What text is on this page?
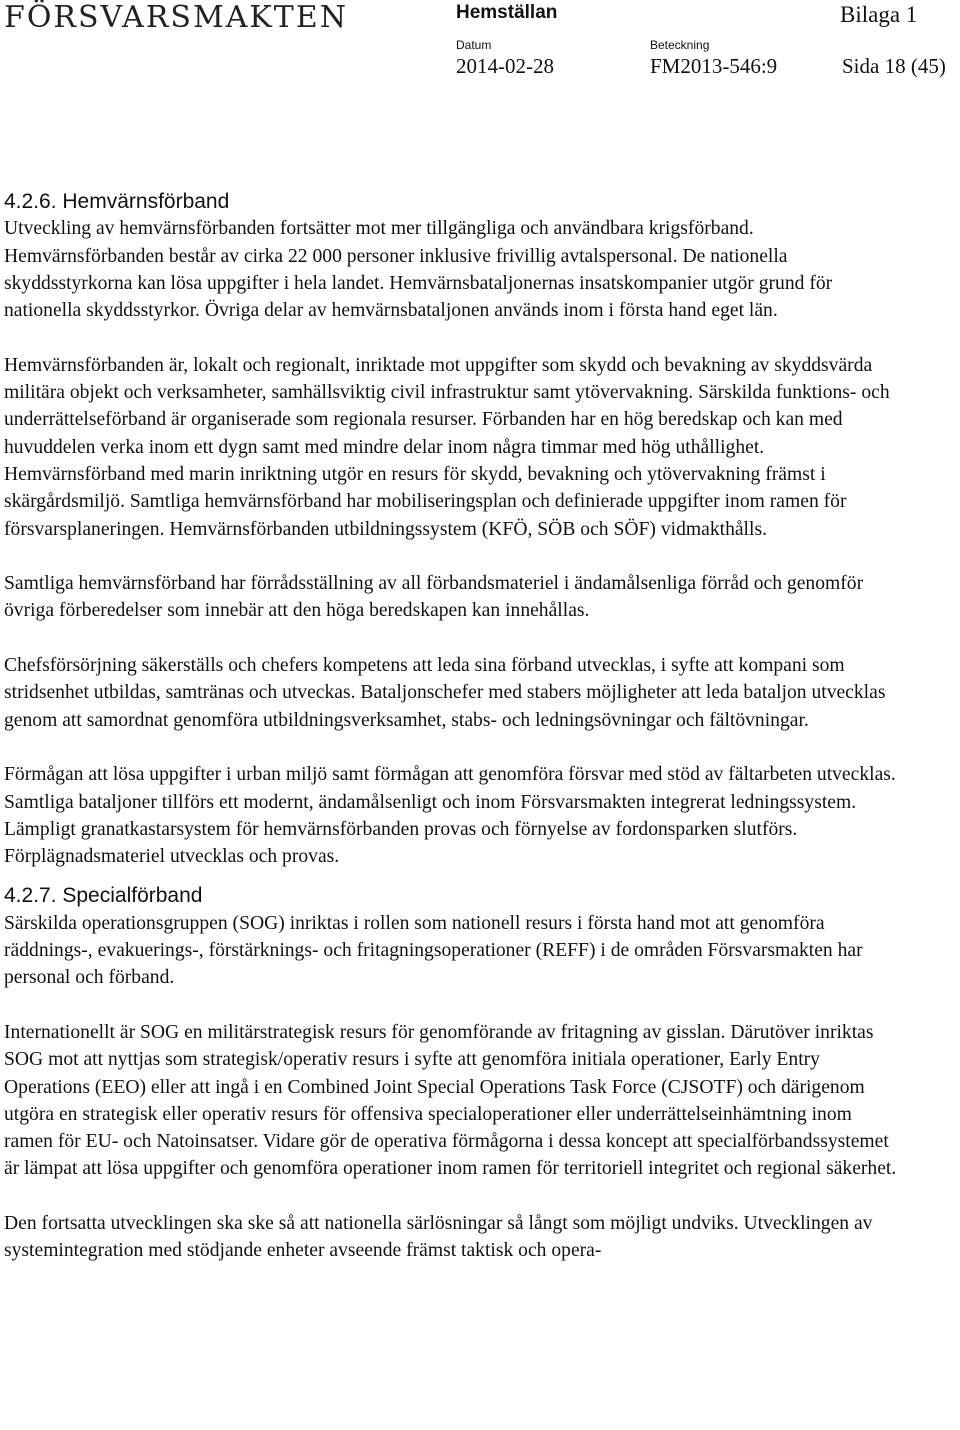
FÖRSVARSMAKTEN	Hemställan	Bilaga 1
Datum	Beteckning
2014-02-28	FM2013-546:9	Sida 18 (45)
4.2.6. Hemvärnsförband

Utveckling av hemvärnsförbanden fortsätter mot mer tillgängliga och användbara krigsförband. Hemvärnsförbanden består av cirka 22 000 personer inklusive frivillig avtalspersonal. De nationella skyddsstyrkorna kan lösa uppgifter i hela landet. Hemvärnsbataljonernas insatskompanier utgör grund för nationella skyddsstyrkor. Övriga delar av hemvärnsbataljonen används inom i första hand eget län.

Hemvärnsförbanden är, lokalt och regionalt, inriktade mot uppgifter som skydd och bevakning av skyddsvärda militära objekt och verksamheter, samhällsviktig civil infrastruktur samt ytövervakning. Särskilda funktions- och underrättelseförband är organiserade som regionala resurser. Förbanden har en hög beredskap och kan med huvuddelen verka inom ett dygn samt med mindre delar inom några timmar med hög uthållighet. Hemvärnsförband med marin inriktning utgör en resurs för skydd, bevakning och ytövervakning främst i skärgårdsmiljö. Samtliga hemvärnsförband har mobiliseringsplan och definierade uppgifter inom ramen för försvarsplaneringen. Hemvärnsförbanden utbildningssystem (KFÖ, SÖB och SÖF) vidmakthålls.

Samtliga hemvärnsförband har förrådsställning av all förbandsmateriel i ändamålsenliga förråd och genomför övriga förberedelser som innebär att den höga beredskapen kan innehållas.

Chefsförsörjning säkerställs och chefers kompetens att leda sina förband utvecklas, i syfte att kompani som stridsenhet utbildas, samtränas och utveckas. Bataljonschefer med stabers möjligheter att leda bataljon utvecklas genom att samordnat genomföra utbildningsverksamhet, stabs- och ledningsövningar och fältövningar.

Förmågan att lösa uppgifter i urban miljö samt förmågan att genomföra försvar med stöd av fältarbeten utvecklas. Samtliga bataljoner tillförs ett modernt, ändamålsenligt och inom Försvarsmakten integrerat ledningssystem. Lämpligt granatkastarsystem för hemvärnsförbanden provas och förnyelse av fordonsparken slutförs. Förplägnadsmateriel utvecklas och provas.

4.2.7. Specialförband

Särskilda operationsgruppen (SOG) inriktas i rollen som nationell resurs i första hand mot att genomföra räddnings-, evakuerings-, förstärknings- och fritagningsoperationer (REFF) i de områden Försvarsmakten har personal och förband.

Internationellt är SOG en militärstrategisk resurs för genomförande av fritagning av gisslan. Därutöver inriktas SOG mot att nyttjas som strategisk/operativ resurs i syfte att genomföra initiala operationer, Early Entry Operations (EEO) eller att ingå i en Combined Joint Special Operations Task Force (CJSOTF) och därigenom utgöra en strategisk eller operativ resurs för offensiva specialoperationer eller underrättelseinhämtning inom ramen för EU- och Natoinsatser. Vidare gör de operativa förmågorna i dessa koncept att specialförbandssystemet är lämpat att lösa uppgifter och genomföra operationer inom ramen för territoriell integritet och regional säkerhet.

Den fortsatta utvecklingen ska ske så att nationella särlösningar så långt som möjligt undviks. Utvecklingen av systemintegration med stödjande enheter avseende främst taktisk och opera-
